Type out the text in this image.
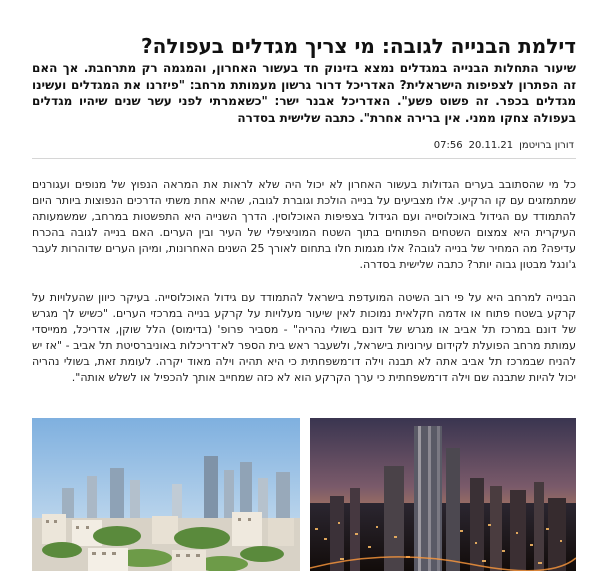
דילמת הבנייה לגובה: מי צריך מגדלים בעפולה?
שיעור התחלות הבנייה במגדלים נמצא בזינוק חד בעשור האחרון, והמגמה רק מתרחבת. אך האם זה הפתרון לצפיפות הישראלית? האדריכל דרור גרשון מעמותת מרחב: "פיזרנו את המגדלים ועשינו מגדלים בכפר. זה פשוט פשע". האדריכל אבנר ישר: "כשאמרתי לפני עשר שנים שיהיו מגדלים בעפולה צחקו ממני. אין ברירה אחרת". כתבה שלישית בסדרה
דורון ברויטמן07:56 20.11.21

כל מי שהסתובב בערים הגדולות בעשור האחרון לא יכול היה שלא לראות את המראה הנפוץ של מנופים ועגורנים שמתמזגים עם קו הרקיע. אלו מצביעים על בנייה הולכת וגוברת לגובה, שהיא אחת משתי הדרכים הנפוצות ביותר היום להתמודד עם הגידול באוכלוסייה ועם הגידול בצפיפות האוכלוסין. הדרך השנייה היא התפשטות במרחב, שמשמעותה העיקרית היא צמצום השטחים הפתוחים בתוך השטח המוניציפלי של העיר ובין הערים. האם בנייה לגובה בהכרח עדיפה? מה המחיר של בנייה לגובה? אלו מגמות חלו בתחום לאורך 25 השנים האחרונות, ומיהן הערים שדוהרות לעבר ג'ונגל מבטון גבוה יותר? כתבה שלישית בסדרה.

הבנייה למרחב היא על פי רוב השיטה המועדפת בישראל להתמודד עם גידול האוכלוסייה. בעיקר כיוון שהעלויות על קרקע בשטח פתוח או אדמה חקלאית נמוכות לאין שיעור מעלויות על קרקע בנייה במרכזי הערים. "כשיש לך מגרש של דונם במרכז תל אביב או מגרש של דונם בשולי נהריה" - מסביר פרופ' (בדימוס) הלל שוקן, אדריכל, ממייסדי עמותת מרחב הפועלת לקידום עירוניות בישראל, ולשעבר ראש בית הספר לא־דריכלות באוניברסיטת תל אביב - "אז יש להניח שבמרכז תל אביב אתה לא תבנה וילה דו־משפחתית כי היא תהיה וילה מאוד יקרה. לעומת זאת, בשולי נהריה יכול להיות שתבנה שם וילה דו־משפחתית כי ערך הקרקע הוא לא כזה שמחייב אותך להכפיל או לשלש אותה".
